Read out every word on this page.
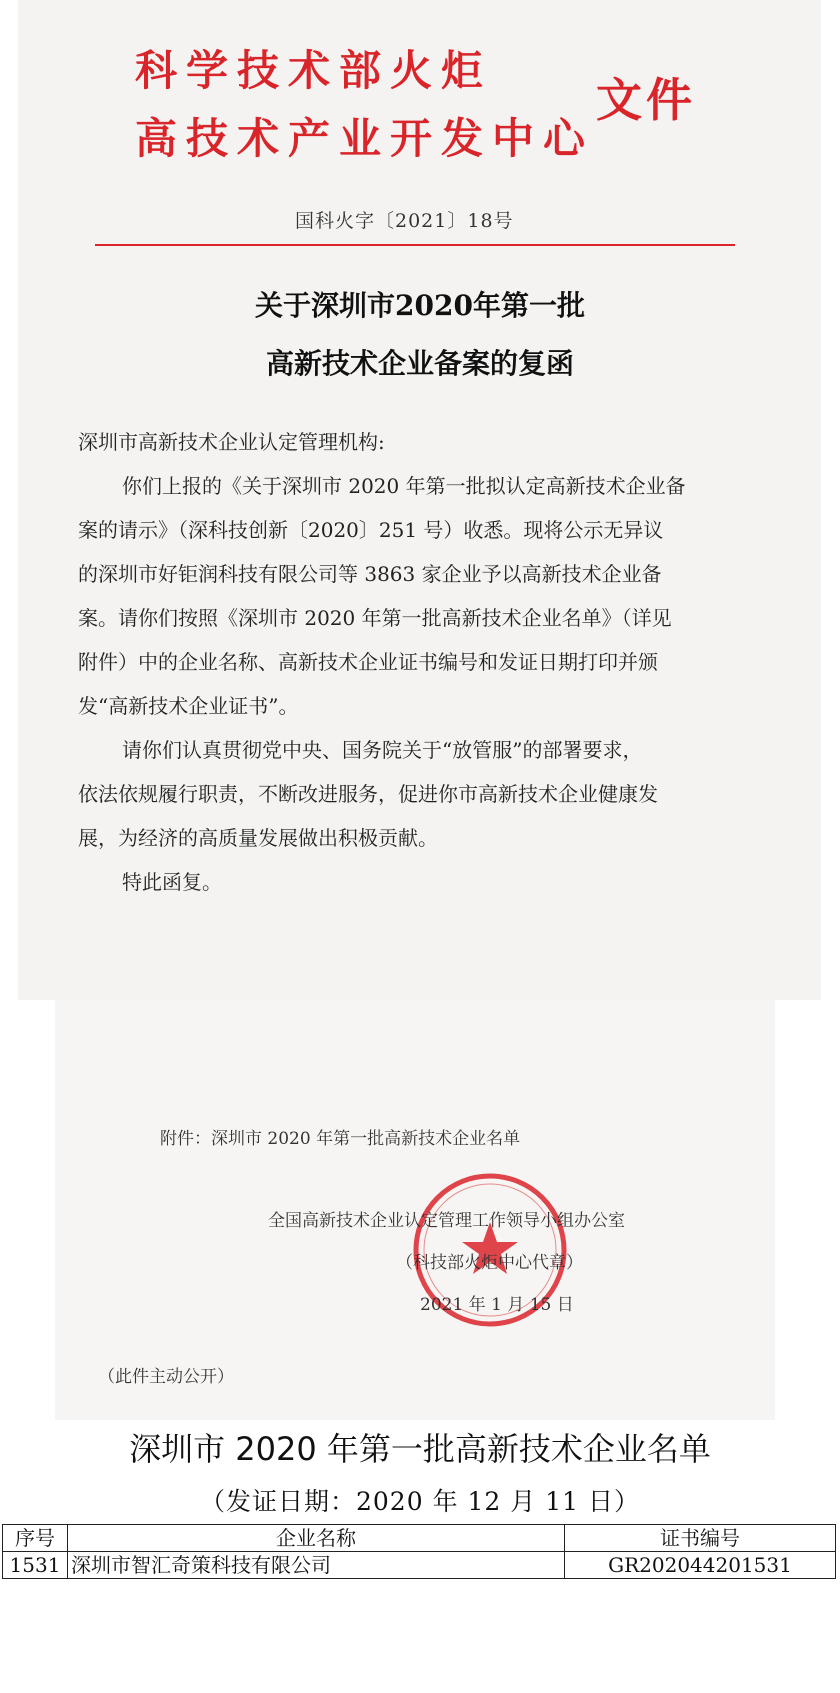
科学技术部火炬
高技术产业开发中心
文件
国科火字〔2021〕18号
关于深圳市2020年第一批
高新技术企业备案的复函
深圳市高新技术企业认定管理机构:
你们上报的《关于深圳市 2020 年第一批拟认定高新技术企业备
案的请示》（深科技创新〔2020〕251 号）收悉。现将公示无异议
的深圳市好钜润科技有限公司等 3863 家企业予以高新技术企业备
案。请你们按照《深圳市 2020 年第一批高新技术企业名单》（详见
附件）中的企业名称、高新技术企业证书编号和发证日期打印并颁
发“高新技术企业证书”。
请你们认真贯彻党中央、国务院关于“放管服”的部署要求，
依法依规履行职责，不断改进服务，促进你市高新技术企业健康发
展，为经济的高质量发展做出积极贡献。
特此函复。
附件：深圳市 2020 年第一批高新技术企业名单
全国高新技术企业认定管理工作领导小组办公室
（科技部火炬中心代章）
2021 年 1 月 15 日
（此件主动公开）
深圳市 2020 年第一批高新技术企业名单
（发证日期：2020 年 12 月 11 日）
序号	企业名称	证书编号
1531	深圳市智汇奇策科技有限公司	GR202044201531
